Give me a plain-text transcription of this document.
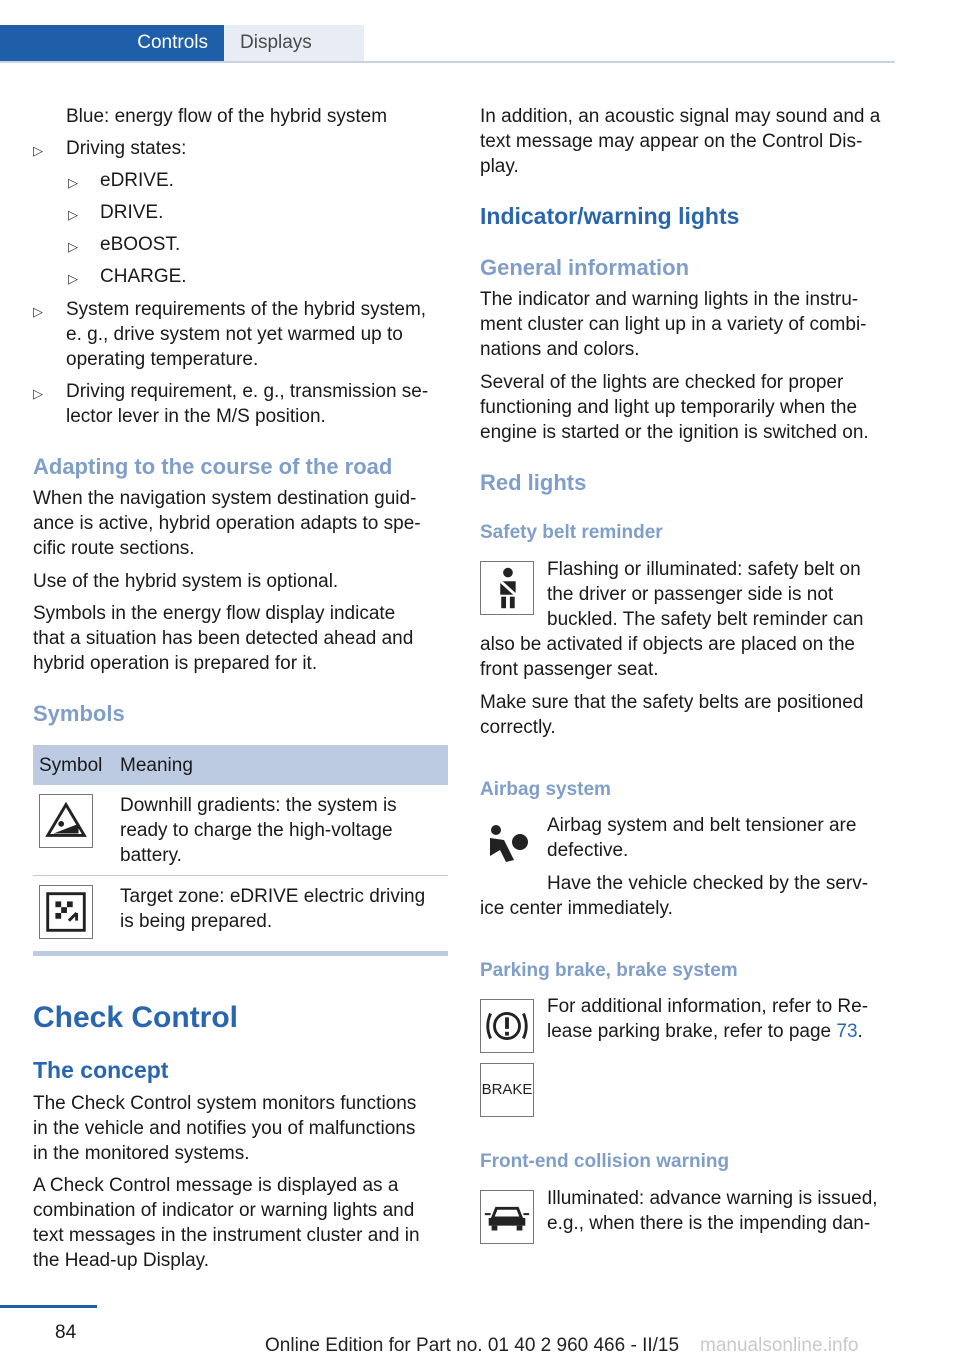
Controls	Displays

Blue: energy flow of the hybrid system

▷ Driving states:

▷ eDRIVE.

▷ DRIVE.

▷ eBOOST.

▷ CHARGE.

▷ System requirements of the hybrid system,

e. g., drive system not yet warmed up to

operating temperature.

▷ Driving requirement, e. g., transmission se‐

lector lever in the M/S position.

Adapting to the course of the road

When the navigation system destination guid‐

ance is active, hybrid operation adapts to spe‐

cific route sections.

Use of the hybrid system is optional.

Symbols in the energy flow display indicate

that a situation has been detected ahead and

hybrid operation is prepared for it.

Symbols

Symbol Meaning
Downhill gradients: the system is
ready to charge the high-voltage
battery.
Target zone: eDRIVE electric driving
is being prepared.

Check Control

The concept

The Check Control system monitors functions

in the vehicle and notifies you of malfunctions

in the monitored systems.

A Check Control message is displayed as a

combination of indicator or warning lights and

text messages in the instrument cluster and in

the Head-up Display.

In addition, an acoustic signal may sound and a

text message may appear on the Control Dis‐

play.

Indicator/warning lights

General information

The indicator and warning lights in the instru‐

ment cluster can light up in a variety of combi‐

nations and colors.

Several of the lights are checked for proper

functioning and light up temporarily when the

engine is started or the ignition is switched on.

Red lights

Safety belt reminder

Flashing or illuminated: safety belt on

the driver or passenger side is not

buckled. The safety belt reminder can

also be activated if objects are placed on the

front passenger seat.

Make sure that the safety belts are positioned

correctly.

Airbag system

Airbag system and belt tensioner are

defective.

Have the vehicle checked by the serv‐

ice center immediately.

Parking brake, brake system

For additional information, refer to Re‐

lease parking brake, refer to page 73.

BRAKE

Front-end collision warning

Illuminated: advance warning is issued,

e.g., when there is the impending dan‐

84
Online Edition for Part no. 01 40 2 960 466 - II/15 manualsonline.info
